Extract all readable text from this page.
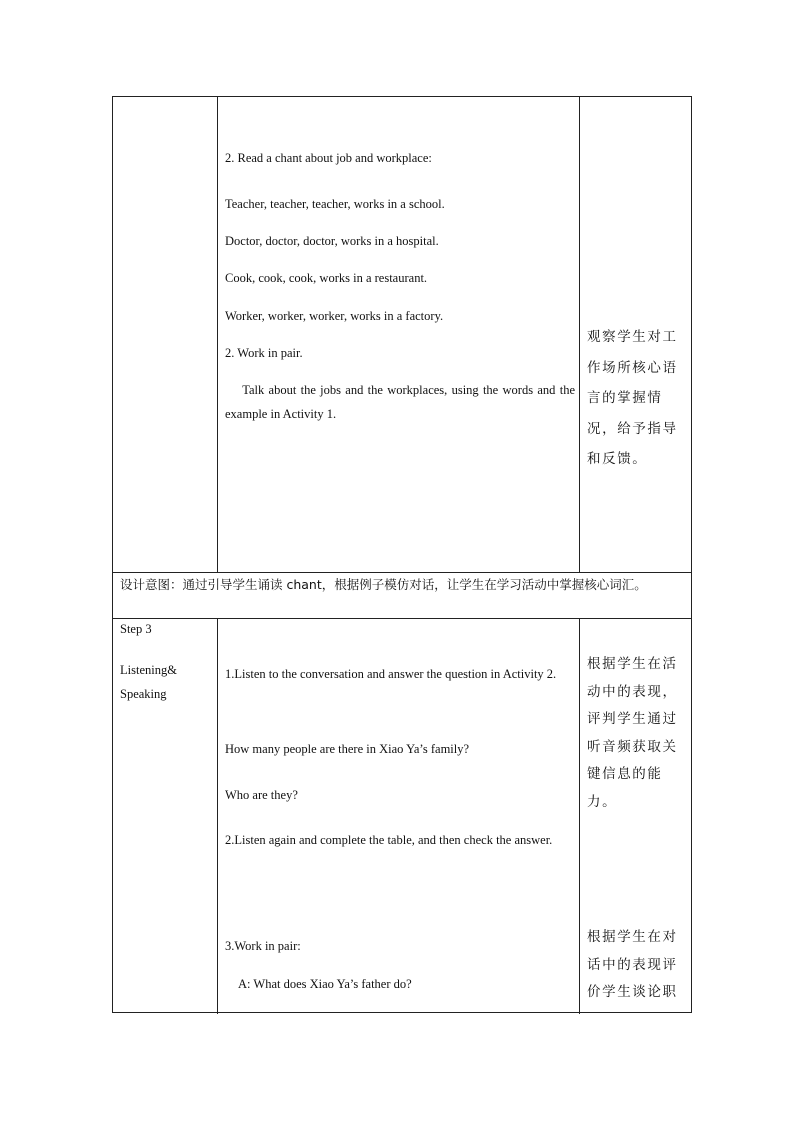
2. Read a chant about job and workplace:
Teacher, teacher, teacher, works in a school.
Doctor, doctor, doctor, works in a hospital.
Cook, cook, cook, works in a restaurant.
Worker, worker, worker, works in a factory.
2. Work in pair.
Talk about the jobs and the workplaces, using the words and the example in Activity 1.
观察学生对工作场所核心语言的掌握情况，给予指导和反馈。
设计意图：通过引导学生诵读 chant，根据例子模仿对话，让学生在学习活动中掌握核心词汇。
Step 3
Listening&
Speaking
1.Listen to the conversation and answer the question in Activity 2.
How many people are there in Xiao Ya’s family?
Who are they?
2.Listen again and complete the table, and then check the answer.
3.Work in pair:
A: What does Xiao Ya’s father do?
根据学生在活动中的表现，评判学生通过听音频获取关键信息的能力。
根据学生在对话中的表现评价学生谈论职
